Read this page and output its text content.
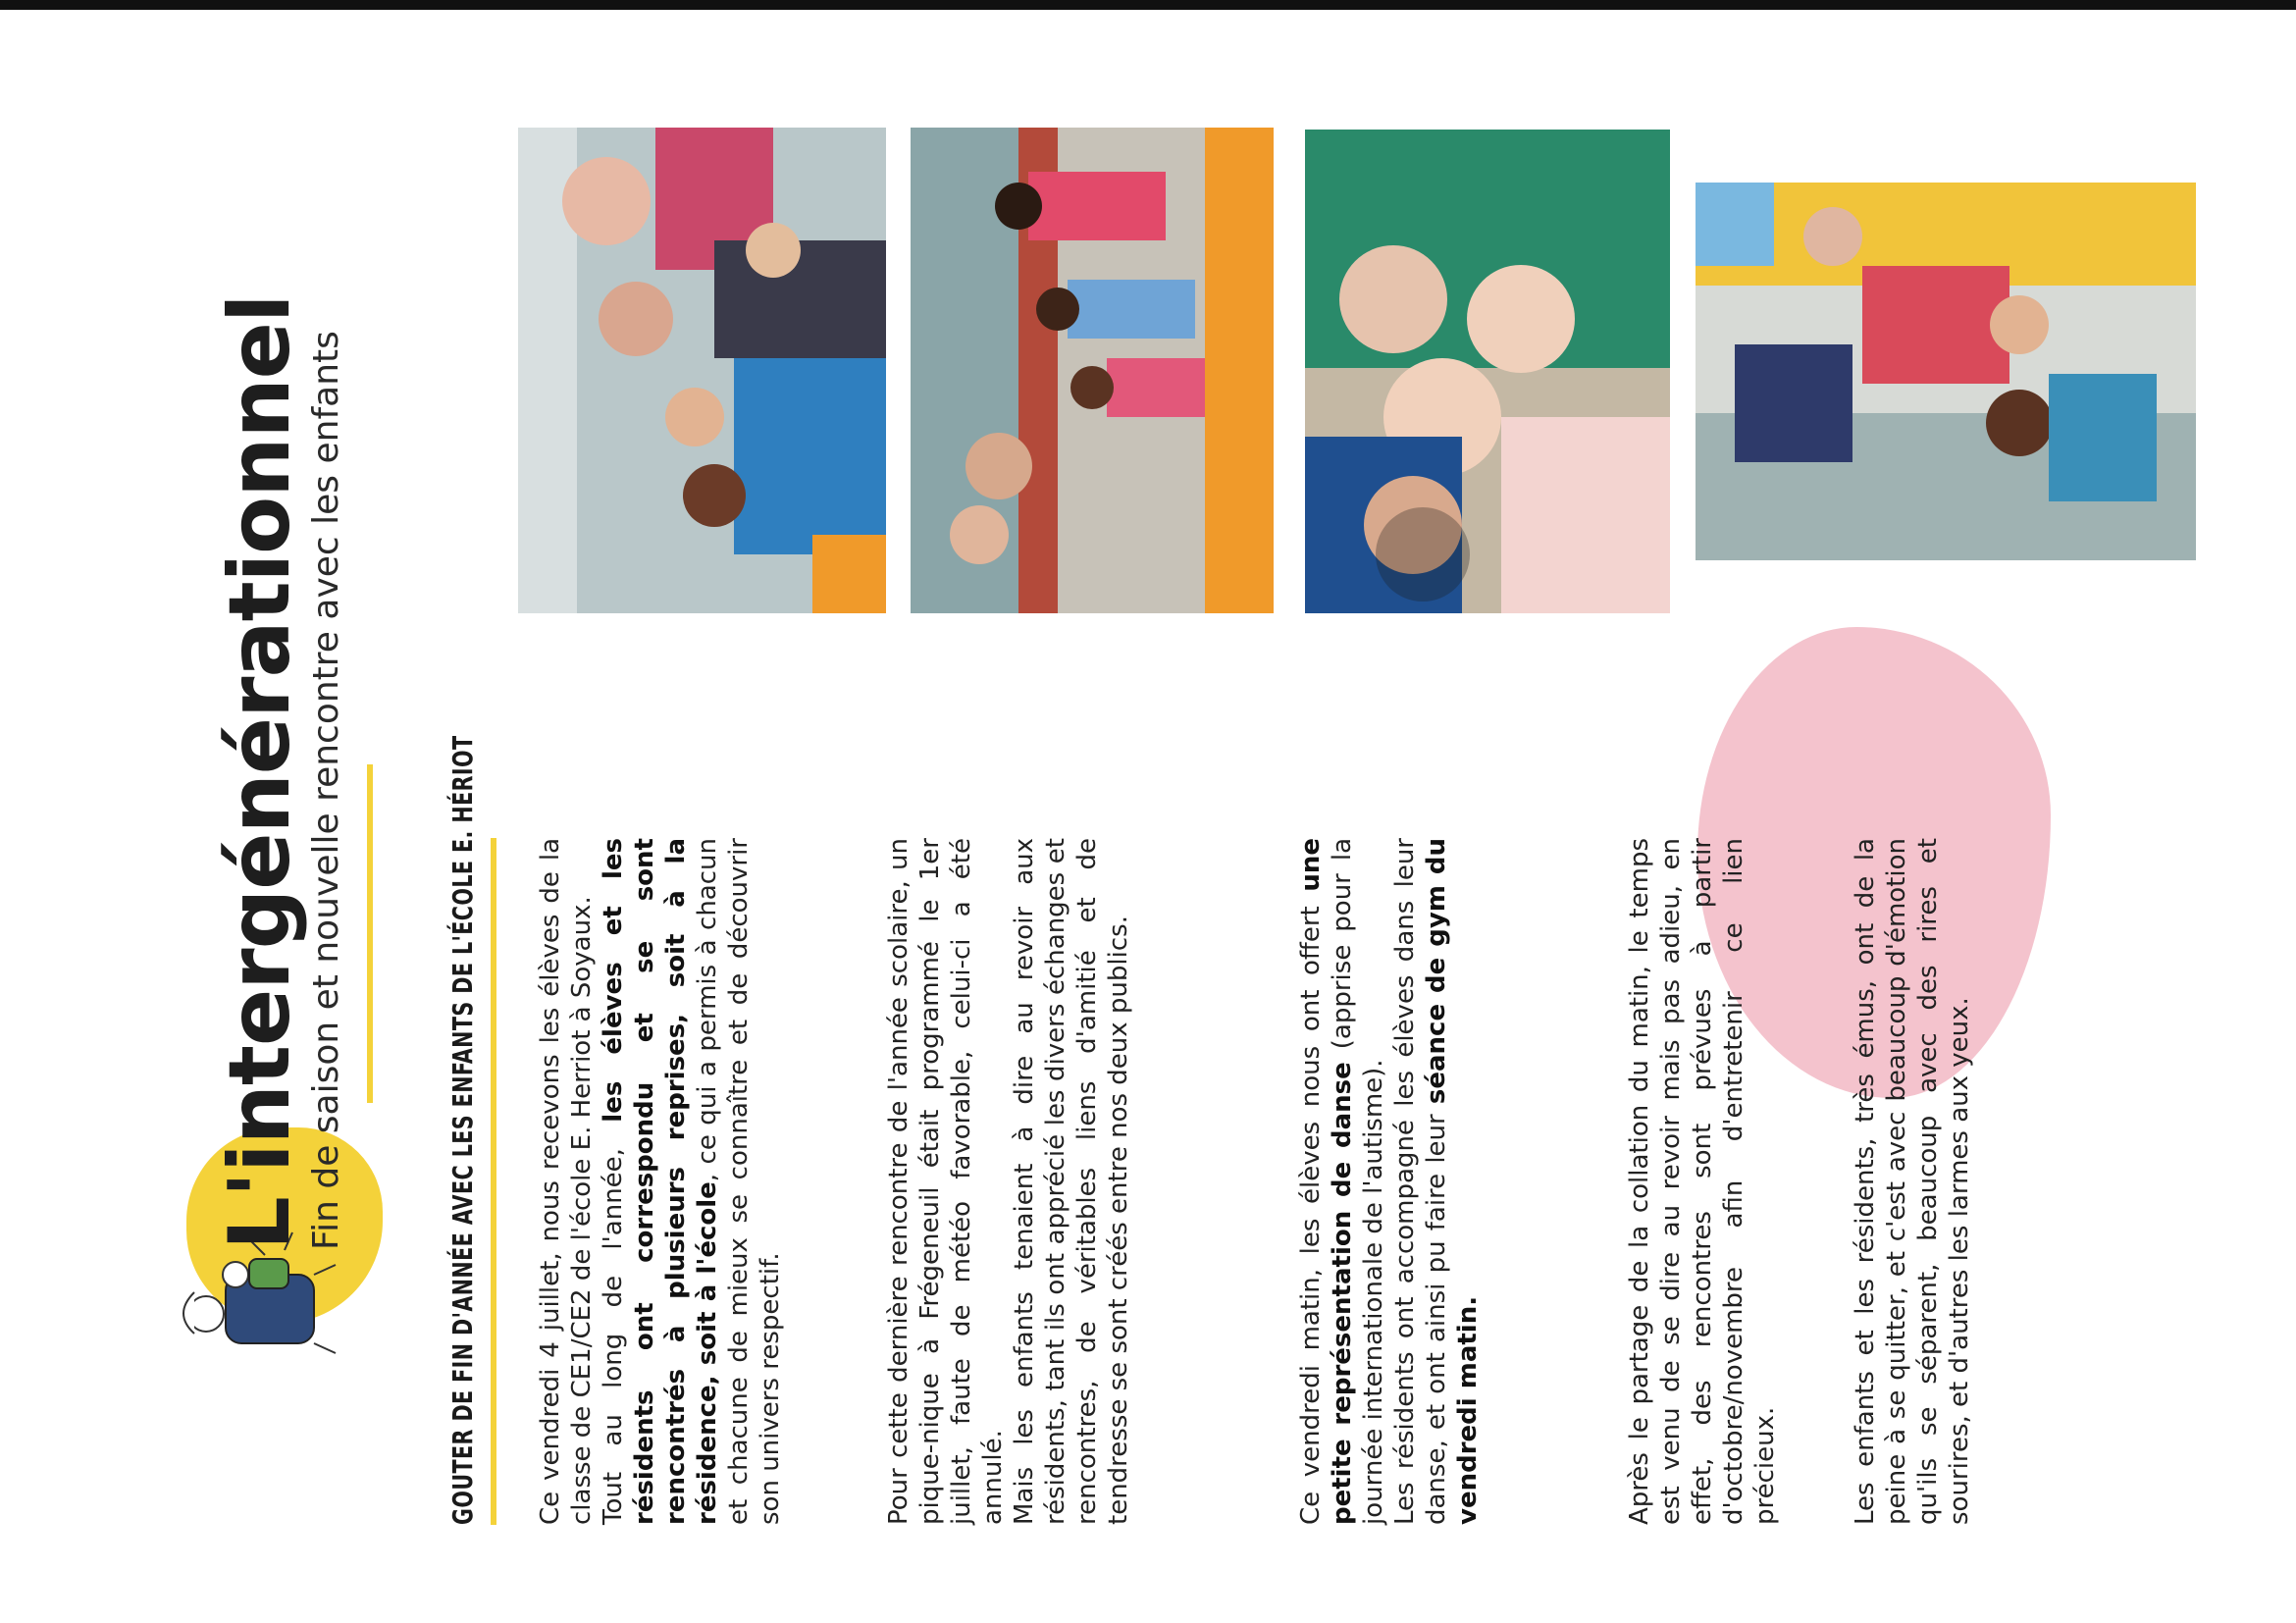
L'intergénérationnel
Fin de saison et nouvelle rencontre avec les enfants	GOUTER DE FIN D'ANNÉE AVEC LES ENFANTS DE L'ÉCOLE E. HÉRIOT Ce vendredi 4 juillet, nous recevons les élèves de la classe de CE1/CE2 de l'école E. Herriot à Soyaux.
Tout au long de l'année, les élèves et les résidents ont correspondu et se sont rencontrés à plusieurs reprises, soit à la résidence, soit à l'école, ce qui a permis à chacun et chacune de mieux se connaître et de découvrir son univers respectif.	Pour cette dernière rencontre de l'année scolaire, un pique-nique à Frégeneuil était programmé le 1er juillet, faute de météo favorable, celui-ci a été annulé.
Mais les enfants tenaient à dire au revoir aux résidents, tant ils ont apprécié les divers échanges et rencontres, de véritables liens d'amitié et de tendresse se sont créés entre nos deux publics.	Ce vendredi matin, les élèves nous ont offert une petite représentation de danse (apprise pour la journée internationale de l'autisme).
Les résidents ont accompagné les élèves dans leur danse, et ont ainsi pu faire leur séance de gym du vendredi matin.	Après le partage de la collation du matin, le temps est venu de se dire au revoir mais pas adieu, en effet, des rencontres sont prévues à partir d'octobre/novembre afin d'entretenir ce lien précieux.	Les enfants et les résidents, très émus, ont de la peine à se quitter, et c'est avec beaucoup d'émotion qu'ils se séparent, beaucoup avec des rires et sourires, et d'autres les larmes aux yeux.
